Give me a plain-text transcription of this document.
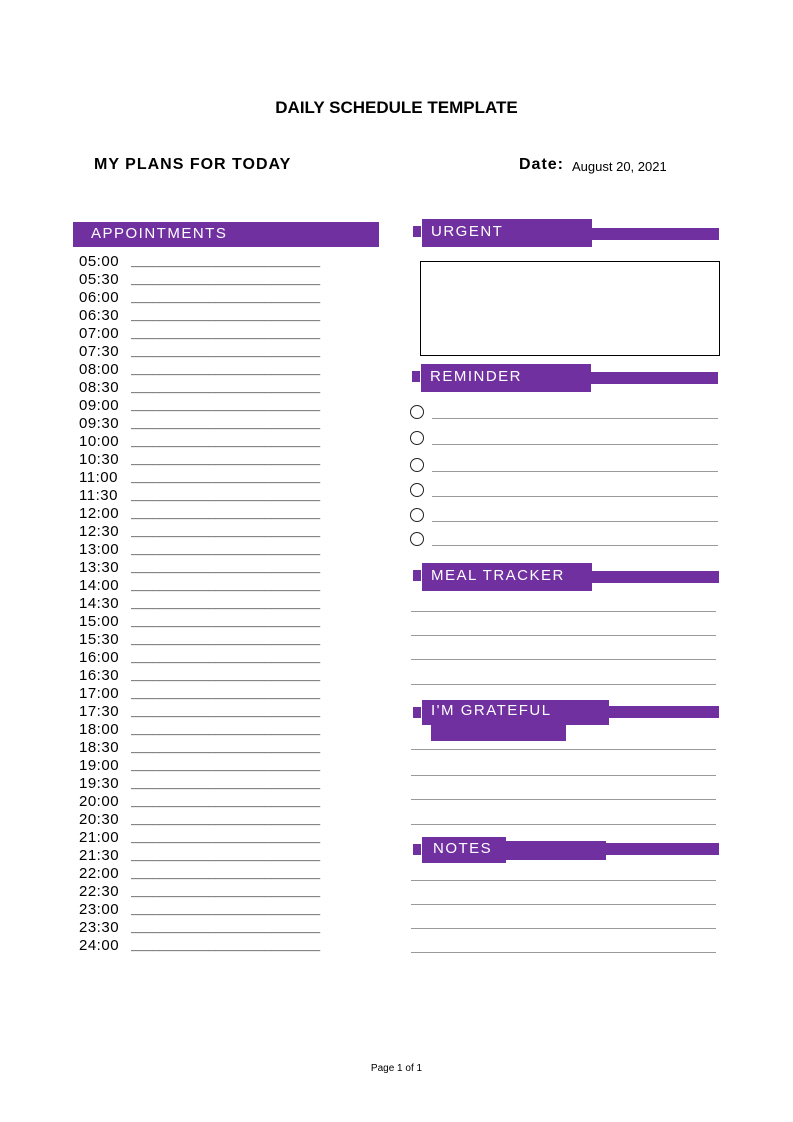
DAILY SCHEDULE TEMPLATE
MY PLANS FOR TODAY	Date: August 20, 2021
APPOINTMENTS
05:00 ___________________________
05:30 ___________________________
06:00 ___________________________
06:30 ___________________________
07:00 ___________________________
07:30 ___________________________
08:00 ___________________________
08:30 ___________________________
09:00 ___________________________
09:30 ___________________________
10:00 ___________________________
10:30 ___________________________
11:00 ___________________________
11:30 ___________________________
12:00 ___________________________
12:30 ___________________________
13:00 ___________________________
13:30 ___________________________
14:00 ___________________________
14:30 ___________________________
15:00 ___________________________
15:30 ___________________________
16:00 ___________________________
16:30 ___________________________
17:00 ___________________________
17:30 ___________________________
18:00 ___________________________
18:30 ___________________________
19:00 ___________________________
19:30 ___________________________
20:00 ___________________________
20:30 ___________________________
21:00 ___________________________
21:30 ___________________________
22:00 ___________________________
22:30 ___________________________
23:00 ___________________________
23:30 ___________________________
24:00 ___________________________
URGENT
REMINDER
MEAL TRACKER
I'M GRATEFUL
NOTES
Page 1 of 1
